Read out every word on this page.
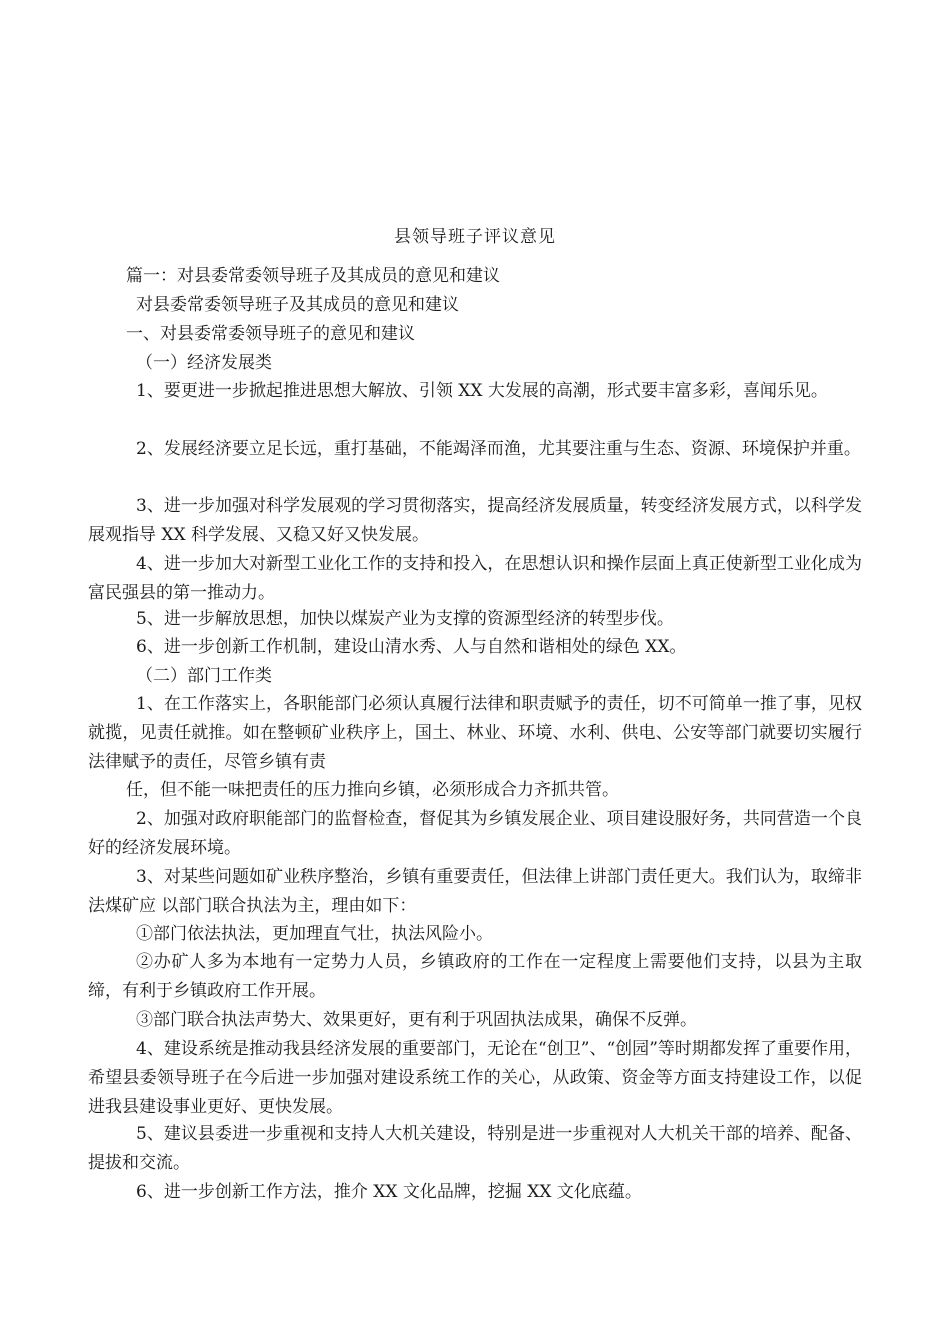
县领导班子评议意见
篇一：对县委常委领导班子及其成员的意见和建议
对县委常委领导班子及其成员的意见和建议
一、对县委常委领导班子的意见和建议
（一）经济发展类
1、要更进一步掀起推进思想大解放、引领 XX 大发展的高潮，形式要丰富多彩，喜闻乐见。
2、发展经济要立足长远，重打基础，不能竭泽而渔，尤其要注重与生态、资源、环境保护并重。
3、进一步加强对科学发展观的学习贯彻落实，提高经济发展质量，转变经济发展方式，以科学发展观指导 XX 科学发展、又稳又好又快发展。
4、进一步加大对新型工业化工作的支持和投入，在思想认识和操作层面上真正使新型工业化成为富民强县的第一推动力。
5、进一步解放思想，加快以煤炭产业为支撑的资源型经济的转型步伐。
6、进一步创新工作机制，建设山清水秀、人与自然和谐相处的绿色 XX。
（二）部门工作类
1、在工作落实上，各职能部门必须认真履行法律和职责赋予的责任，切不可简单一推了事，见权就揽，见责任就推。如在整顿矿业秩序上，国土、林业、环境、水利、供电、公安等部门就要切实履行法律赋予的责任，尽管乡镇有责
任，但不能一味把责任的压力推向乡镇，必须形成合力齐抓共管。
2、加强对政府职能部门的监督检查，督促其为乡镇发展企业、项目建设服好务，共同营造一个良好的经济发展环境。
3、对某些问题如矿业秩序整治，乡镇有重要责任，但法律上讲部门责任更大。我们认为，取缔非法煤矿应 以部门联合执法为主，理由如下：
①部门依法执法，更加理直气壮，执法风险小。
②办矿人多为本地有一定势力人员，乡镇政府的工作在一定程度上需要他们支持，以县为主取缔，有利于乡镇政府工作开展。
③部门联合执法声势大、效果更好，更有利于巩固执法成果，确保不反弹。
4、建设系统是推动我县经济发展的重要部门，无论在“创卫”、“创园”等时期都发挥了重要作用，希望县委领导班子在今后进一步加强对建设系统工作的关心，从政策、资金等方面支持建设工作，以促进我县建设事业更好、更快发展。
5、建议县委进一步重视和支持人大机关建设，特别是进一步重视对人大机关干部的培养、配备、提拔和交流。
6、进一步创新工作方法，推介 XX 文化品牌，挖掘 XX 文化底蕴。
